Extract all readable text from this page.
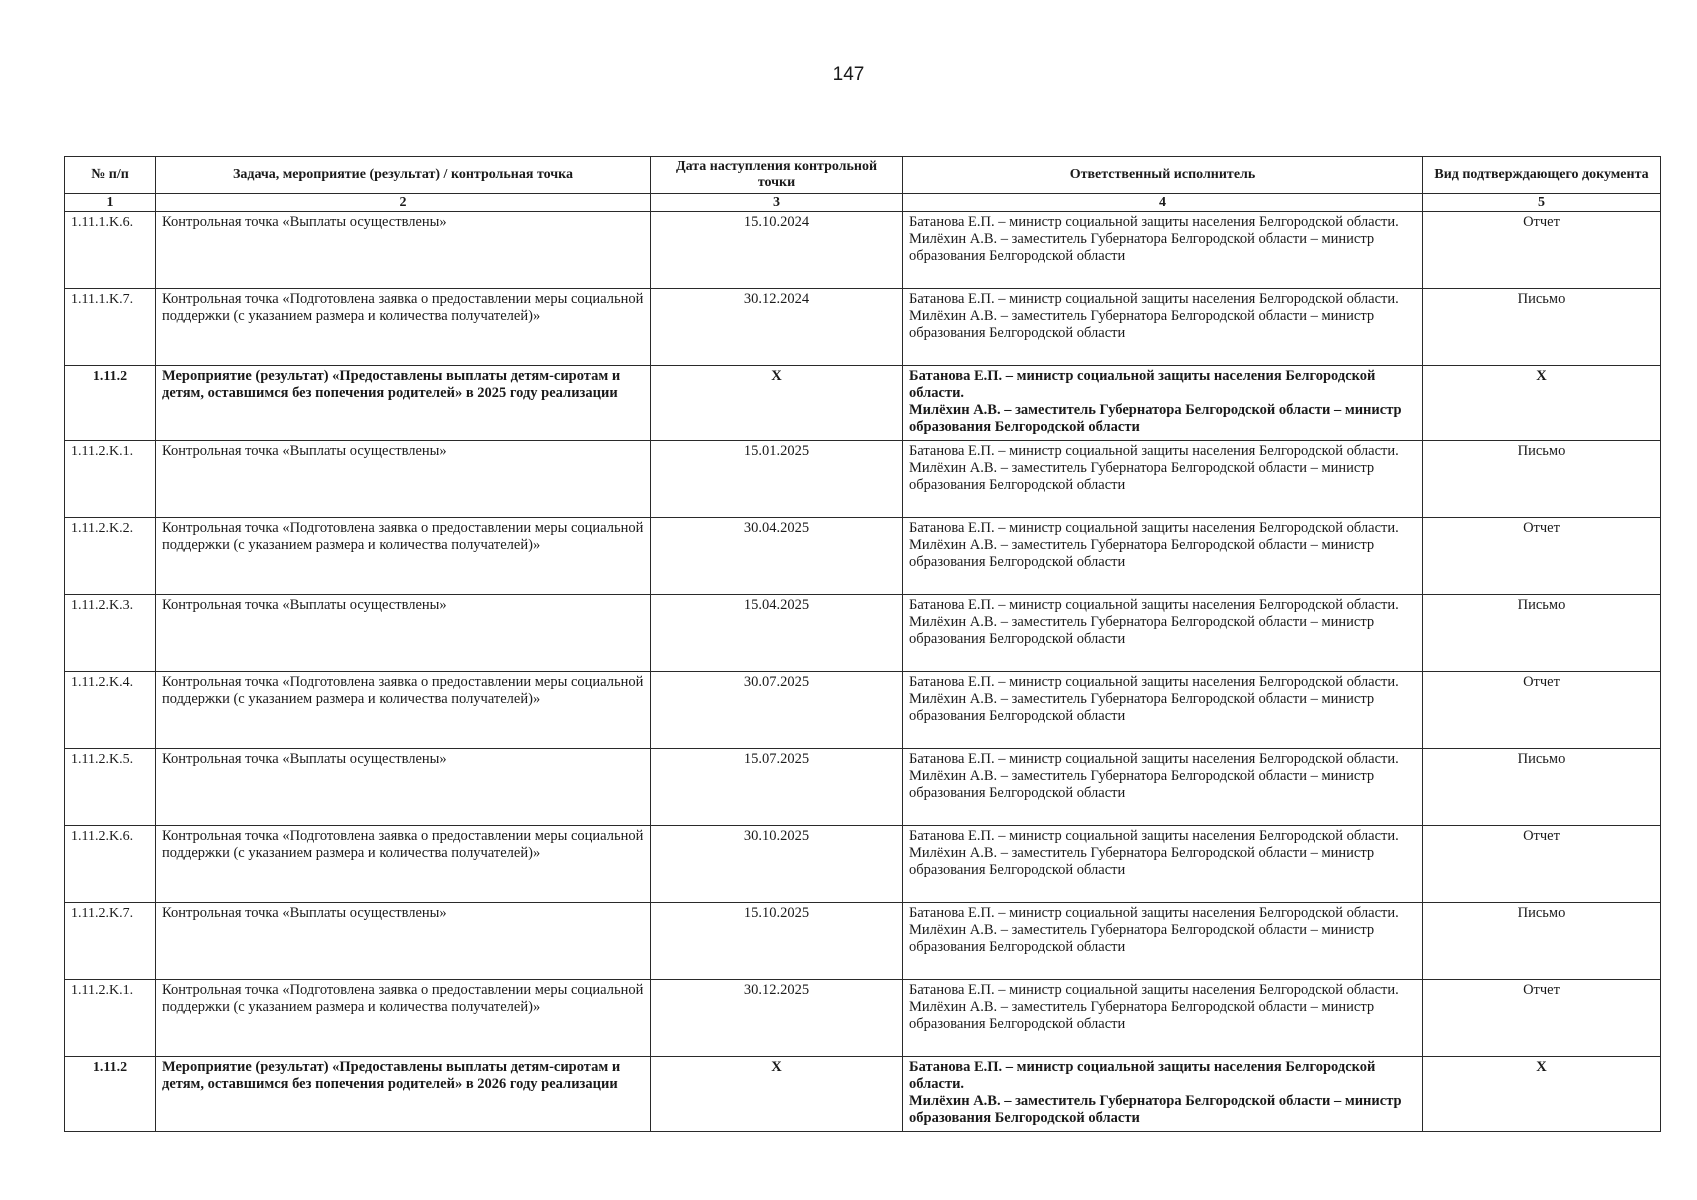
147
№ п/п	Задача, мероприятие (результат) / контрольная точка	Дата наступления контрольной точки	Ответственный исполнитель	Вид подтверждающего документа
1	2	3	4	5
1.11.1.K.6.	Контрольная точка «Выплаты осуществлены»	15.10.2024	Батанова Е.П. – министр социальной защиты населения Белгородской области.
Милёхин А.В. – заместитель Губернатора Белгородской области – министр образования Белгородской области	Отчет
1.11.1.K.7.	Контрольная точка «Подготовлена заявка о предоставлении меры социальной поддержки (с указанием размера и количества получателей)»	30.12.2024	Батанова Е.П. – министр социальной защиты населения Белгородской области.
Милёхин А.В. – заместитель Губернатора Белгородской области – министр образования Белгородской области	Письмо
1.11.2	Мероприятие (результат) «Предоставлены выплаты детям-сиротам и детям, оставшимся без попечения родителей» в 2025 году реализации	X	Батанова Е.П. – министр социальной защиты населения Белгородской области.
Милёхин А.В. – заместитель Губернатора Белгородской области – министр образования Белгородской области	X
1.11.2.K.1.	Контрольная точка «Выплаты осуществлены»	15.01.2025	Батанова Е.П. – министр социальной защиты населения Белгородской области.
Милёхин А.В. – заместитель Губернатора Белгородской области – министр образования Белгородской области	Письмо
1.11.2.K.2.	Контрольная точка «Подготовлена заявка о предоставлении меры социальной поддержки (с указанием размера и количества получателей)»	30.04.2025	Батанова Е.П. – министр социальной защиты населения Белгородской области.
Милёхин А.В. – заместитель Губернатора Белгородской области – министр образования Белгородской области	Отчет
1.11.2.K.3.	Контрольная точка «Выплаты осуществлены»	15.04.2025	Батанова Е.П. – министр социальной защиты населения Белгородской области.
Милёхин А.В. – заместитель Губернатора Белгородской области – министр образования Белгородской области	Письмо
1.11.2.K.4.	Контрольная точка «Подготовлена заявка о предоставлении меры социальной поддержки (с указанием размера и количества получателей)»	30.07.2025	Батанова Е.П. – министр социальной защиты населения Белгородской области.
Милёхин А.В. – заместитель Губернатора Белгородской области – министр образования Белгородской области	Отчет
1.11.2.K.5.	Контрольная точка «Выплаты осуществлены»	15.07.2025	Батанова Е.П. – министр социальной защиты населения Белгородской области.
Милёхин А.В. – заместитель Губернатора Белгородской области – министр образования Белгородской области	Письмо
1.11.2.K.6.	Контрольная точка «Подготовлена заявка о предоставлении меры социальной поддержки (с указанием размера и количества получателей)»	30.10.2025	Батанова Е.П. – министр социальной защиты населения Белгородской области.
Милёхин А.В. – заместитель Губернатора Белгородской области – министр образования Белгородской области	Отчет
1.11.2.K.7.	Контрольная точка «Выплаты осуществлены»	15.10.2025	Батанова Е.П. – министр социальной защиты населения Белгородской области.
Милёхин А.В. – заместитель Губернатора Белгородской области – министр образования Белгородской области	Письмо
1.11.2.K.1.	Контрольная точка «Подготовлена заявка о предоставлении меры социальной поддержки (с указанием размера и количества получателей)»	30.12.2025	Батанова Е.П. – министр социальной защиты населения Белгородской области.
Милёхин А.В. – заместитель Губернатора Белгородской области – министр образования Белгородской области	Отчет
1.11.2	Мероприятие (результат) «Предоставлены выплаты детям-сиротам и детям, оставшимся без попечения родителей» в 2026 году реализации	X	Батанова Е.П. – министр социальной защиты населения Белгородской области.
Милёхин А.В. – заместитель Губернатора Белгородской области – министр образования Белгородской области	X
